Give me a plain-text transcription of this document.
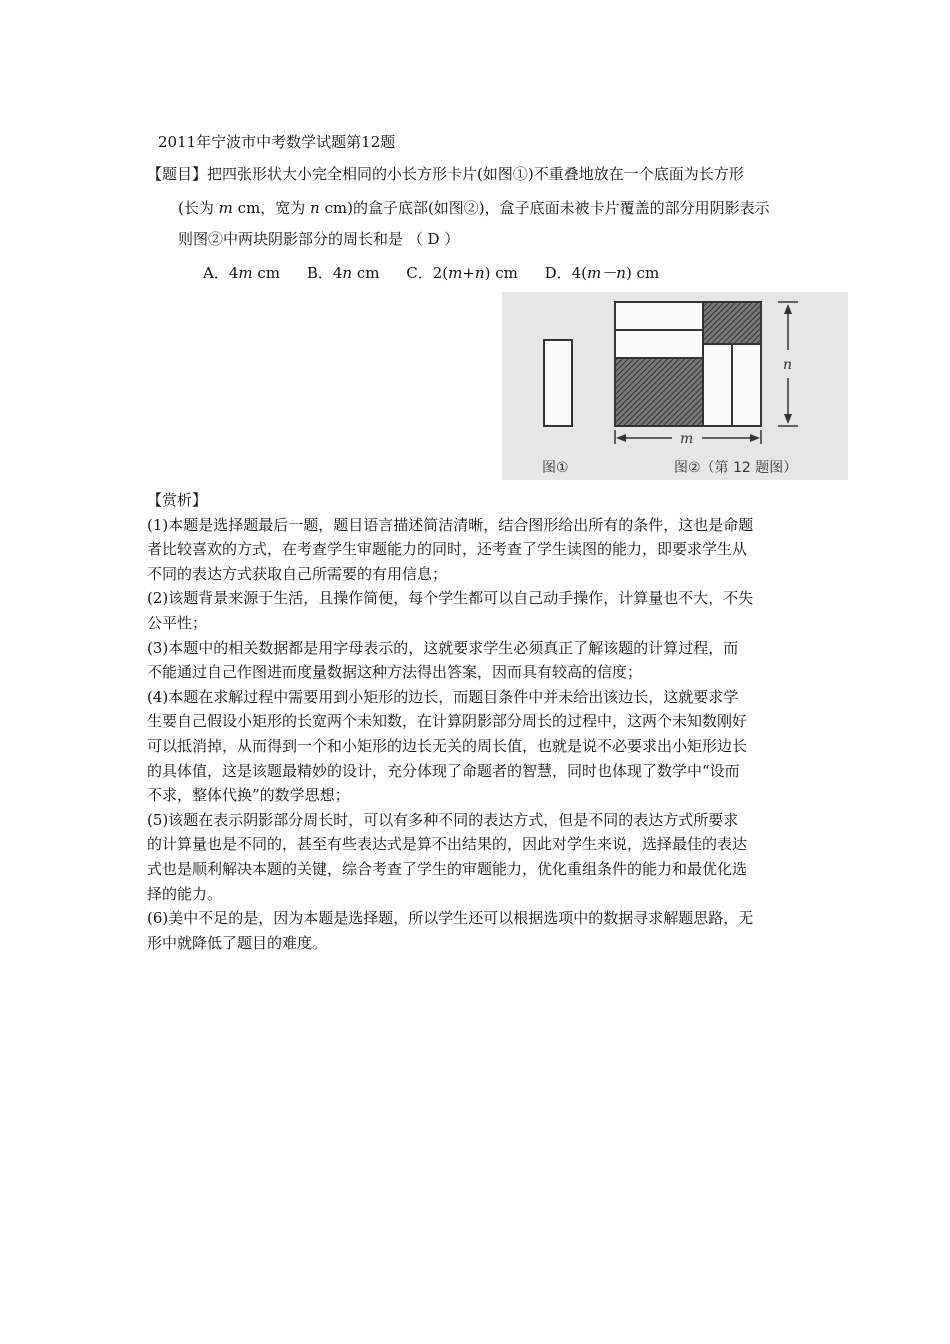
2011年宁波市中考数学试题第12题
【题目】把四张形状大小完全相同的小长方形卡片(如图①)不重叠地放在一个底面为长方形
(长为 m cm，宽为 n cm)的盒子底部(如图②)，盒子底面未被卡片覆盖的部分用阴影表示
则图②中两块阴影部分的周长和是 （ D ）
A．4m cm B．4n cm C．2(m+n) cm D．4(m－n) cm
n
m
图①	图②（第 12 题图）

【赏析】

(1)本题是选择题最后一题，题目语言描述简洁清晰，结合图形给出所有的条件，这也是命题

者比较喜欢的方式，在考查学生审题能力的同时，还考查了学生读图的能力，即要求学生从

不同的表达方式获取自己所需要的有用信息；

(2)该题背景来源于生活，且操作简便，每个学生都可以自己动手操作，计算量也不大，不失

公平性；

(3)本题中的相关数据都是用字母表示的，这就要求学生必须真正了解该题的计算过程，而

不能通过自己作图进而度量数据这种方法得出答案，因而具有较高的信度；

(4)本题在求解过程中需要用到小矩形的边长，而题目条件中并未给出该边长，这就要求学

生要自己假设小矩形的长宽两个未知数，在计算阴影部分周长的过程中，这两个未知数刚好

可以抵消掉，从而得到一个和小矩形的边长无关的周长值，也就是说不必要求出小矩形边长

的具体值，这是该题最精妙的设计，充分体现了命题者的智慧，同时也体现了数学中“设而

不求，整体代换”的数学思想；

(5)该题在表示阴影部分周长时，可以有多种不同的表达方式，但是不同的表达方式所要求

的计算量也是不同的，甚至有些表达式是算不出结果的，因此对学生来说，选择最佳的表达

式也是顺利解决本题的关键，综合考查了学生的审题能力，优化重组条件的能力和最优化选

择的能力。

(6)美中不足的是，因为本题是选择题，所以学生还可以根据选项中的数据寻求解题思路，无

形中就降低了题目的难度。
